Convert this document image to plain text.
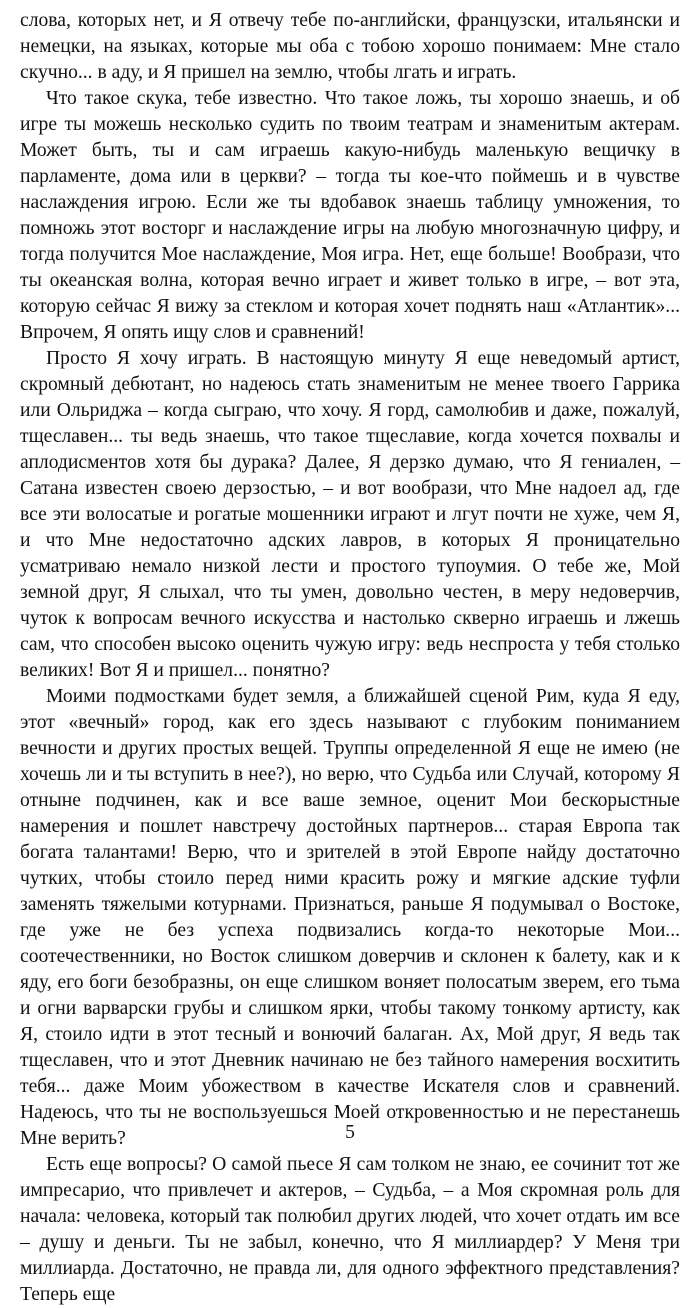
слова, которых нет, и Я отвечу тебе по-английски, французски, итальянски и немецки, на языках, которые мы оба с тобою хорошо понимаем: Мне стало скучно... в аду, и Я пришел на землю, чтобы лгать и играть.

Что такое скука, тебе известно. Что такое ложь, ты хорошо знаешь, и об игре ты можешь несколько судить по твоим театрам и знаменитым актерам. Может быть, ты и сам играешь какую-нибудь маленькую вещичку в парламенте, дома или в церкви? – тогда ты кое-что поймешь и в чувстве наслаждения игрою. Если же ты вдобавок знаешь таблицу умножения, то помножь этот восторг и наслаждение игры на любую многозначную цифру, и тогда получится Мое наслаждение, Моя игра. Нет, еще больше! Вообрази, что ты океанская волна, которая вечно играет и живет только в игре, – вот эта, которую сейчас Я вижу за стеклом и которая хочет поднять наш «Атлантик»... Впрочем, Я опять ищу слов и сравнений!

Просто Я хочу играть. В настоящую минуту Я еще неведомый артист, скромный дебютант, но надеюсь стать знаменитым не менее твоего Гаррика или Ольриджа – когда сыграю, что хочу. Я горд, самолюбив и даже, пожалуй, тщеславен... ты ведь знаешь, что такое тщеславие, когда хочется похвалы и аплодисментов хотя бы дурака? Далее, Я дерзко думаю, что Я гениален, – Сатана известен своею дерзостью, – и вот вообрази, что Мне надоел ад, где все эти волосатые и рогатые мошенники играют и лгут почти не хуже, чем Я, и что Мне недостаточно адских лавров, в которых Я проницательно усматриваю немало низкой лести и простого тупоумия. О тебе же, Мой земной друг, Я слыхал, что ты умен, довольно честен, в меру недоверчив, чуток к вопросам вечного искусства и настолько скверно играешь и лжешь сам, что способен высоко оценить чужую игру: ведь неспроста у тебя столько великих! Вот Я и пришел... понятно?

Моими подмостками будет земля, а ближайшей сценой Рим, куда Я еду, этот «вечный» город, как его здесь называют с глубоким пониманием вечности и других простых вещей. Труппы определенной Я еще не имею (не хочешь ли и ты вступить в нее?), но верю, что Судьба или Случай, которому Я отныне подчинен, как и все ваше земное, оценит Мои бескорыстные намерения и пошлет навстречу достойных партнеров... старая Европа так богата талантами! Верю, что и зрителей в этой Европе найду достаточно чутких, чтобы стоило перед ними красить рожу и мягкие адские туфли заменять тяжелыми котурнами. Признаться, раньше Я подумывал о Востоке, где уже не без успеха подвизались когда-то некоторые Мои... соотечественники, но Восток слишком доверчив и склонен к балету, как и к яду, его боги безобразны, он еще слишком воняет полосатым зверем, его тьма и огни варварски грубы и слишком ярки, чтобы такому тонкому артисту, как Я, стоило идти в этот тесный и вонючий балаган. Ах, Мой друг, Я ведь так тщеславен, что и этот Дневник начинаю не без тайного намерения восхитить тебя... даже Моим убожеством в качестве Искателя слов и сравнений. Надеюсь, что ты не воспользуешься Моей откровенностью и не перестанешь Мне верить?

Есть еще вопросы? О самой пьесе Я сам толком не знаю, ее сочинит тот же импресарио, что привлечет и актеров, – Судьба, – а Моя скромная роль для начала: человека, который так полюбил других людей, что хочет отдать им все – душу и деньги. Ты не забыл, конечно, что Я миллиардер? У Меня три миллиарда. Достаточно, не правда ли, для одного эффектного представления? Теперь еще

5
